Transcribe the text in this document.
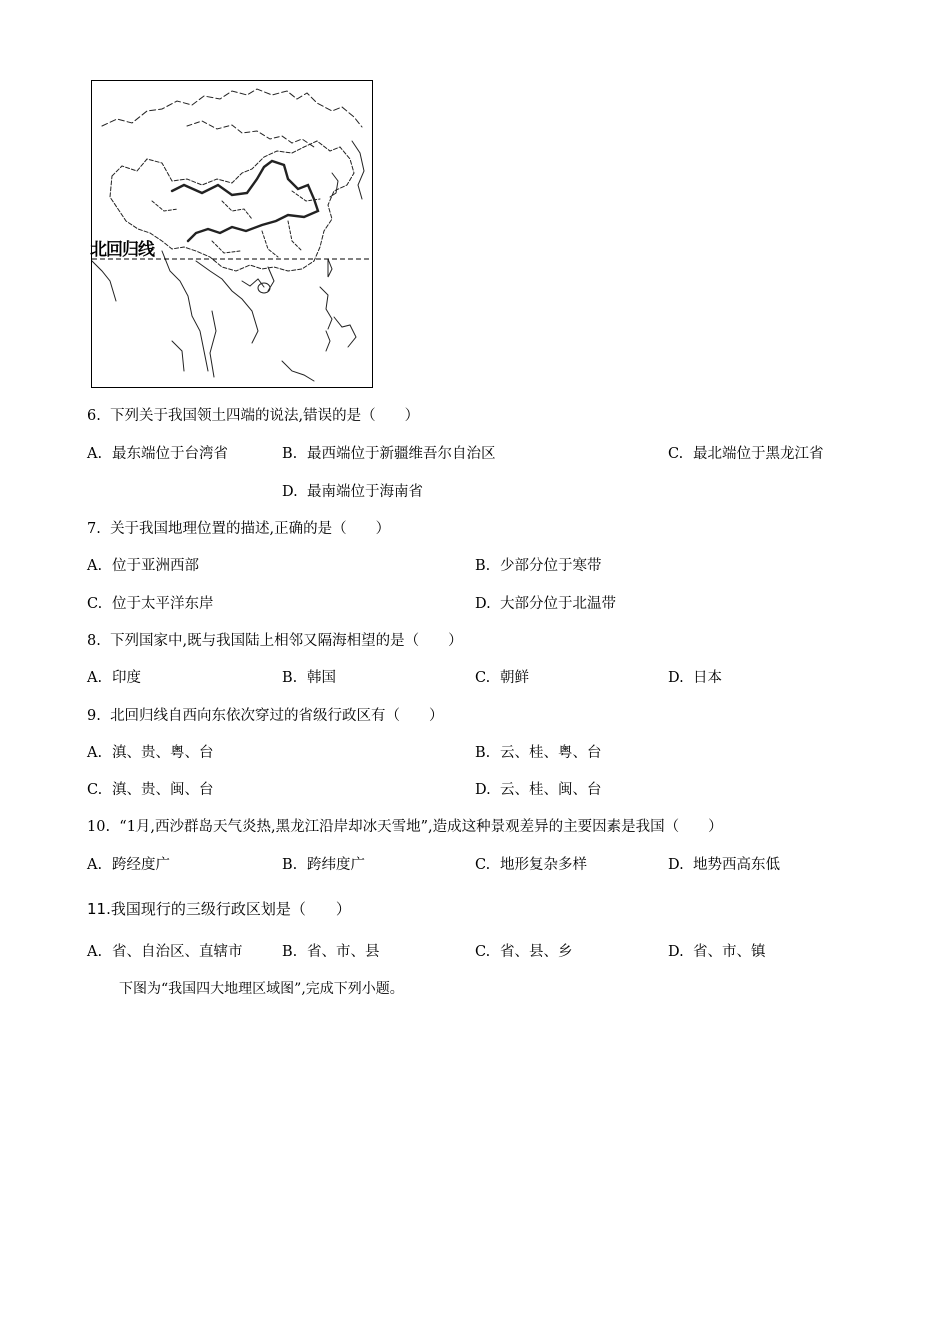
北回归线
6. 下列关于我国领土四端的说法,错误的是（　　）
A. 最东端位于台湾省	B. 最西端位于新疆维吾尔自治区	C. 最北端位于黑龙江省
D. 最南端位于海南省
7. 关于我国地理位置的描述,正确的是（　　）
A. 位于亚洲西部	B. 少部分位于寒带
C. 位于太平洋东岸	D. 大部分位于北温带
8. 下列国家中,既与我国陆上相邻又隔海相望的是（　　）
A. 印度	B. 韩国	C. 朝鲜	D. 日本
9. 北回归线自西向东依次穿过的省级行政区有（　　）
A. 滇、贵、粤、台	B. 云、桂、粤、台
C. 滇、贵、闽、台	D. 云、桂、闽、台
10. “1月,西沙群岛天气炎热,黑龙江沿岸却冰天雪地”,造成这种景观差异的主要因素是我国（　　）
A. 跨经度广	B. 跨纬度广	C. 地形复杂多样	D. 地势西高东低
11.我国现行的三级行政区划是（　　）
A. 省、自治区、直辖市	B. 省、市、县	C. 省、县、乡	D. 省、市、镇
下图为“我国四大地理区域图”,完成下列小题。
